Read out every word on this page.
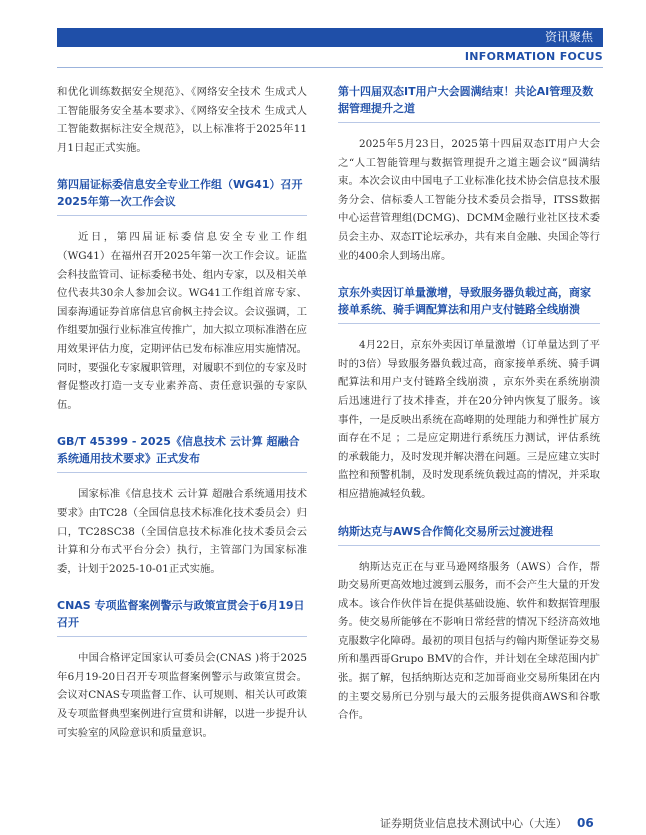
资讯聚焦
INFORMATION FOCUS

和优化训练数据安全规范》、《网络安全技术 生成式人工智能服务安全基本要求》、《网络安全技术 生成式人工智能数据标注安全规范》，以上标准将于2025年11月1日起正式实施。

第四届证标委信息安全专业工作组（WG41）召开2025年第一次工作会议

近日，第四届证标委信息安全专业工作组（WG41）在福州召开2025年第一次工作会议。证监会科技监管司、证标委秘书处、组内专家，以及相关单位代表共30余人参加会议。WG41工作组首席专家、国泰海通证券首席信息官俞枫主持会议。会议强调，工作组要加强行业标准宣传推广，加大拟立项标准潜在应用效果评估力度，定期评估已发布标准应用实施情况。同时，要强化专家履职管理，对履职不到位的专家及时督促整改打造一支专业素养高、责任意识强的专家队伍。

GB/T 45399 - 2025《信息技术 云计算 超融合系统通用技术要求》正式发布

国家标准《信息技术 云计算 超融合系统通用技术要求》由TC28（全国信息技术标准化技术委员会）归口，TC28SC38（全国信息技术标准化技术委员会云计算和分布式平台分会）执行，主管部门为国家标准委，计划于2025-10-01正式实施。

CNAS 专项监督案例警示与政策宣贯会于6月19日召开

中国合格评定国家认可委员会(CNAS )将于2025年6月19-20日召开专项监督案例警示与政策宣贯会。会议对CNAS专项监督工作、认可规则、相关认可政策及专项监督典型案例进行宣贯和讲解，以进一步提升认可实验室的风险意识和质量意识。

第十四届双态IT用户大会圆满结束！共论AI管理及数据管理提升之道

2025年5月23日，2025第十四届双态IT用户大会之“人工智能管理与数据管理提升之道主题会议”圆满结束。本次会议由中国电子工业标准化技术协会信息技术服务分会、信标委人工智能分技术委员会指导，ITSS数据中心运营管理组(DCMG)、DCMM金融行业社区技术委员会主办、双态IT论坛承办，共有来自金融、央国企等行业的400余人到场出席。

京东外卖因订单量激增，导致服务器负载过高，商家接单系统、骑手调配算法和用户支付链路全线崩溃

4月22日，京东外卖因订单量激增（订单量达到了平时的3倍）导致服务器负载过高，商家接单系统、骑手调配算法和用户支付链路全线崩溃 ，京东外卖在系统崩溃后迅速进行了技术排查，并在20分钟内恢复了服务。该事件，一是反映出系统在高峰期的处理能力和弹性扩展方面存在不足 ；二是应定期进行系统压力测试，评估系统的承载能力，及时发现并解决潜在问题。三是应建立实时监控和预警机制，及时发现系统负载过高的情况，并采取相应措施减轻负载。

纳斯达克与AWS合作简化交易所云过渡进程

纳斯达克正在与亚马逊网络服务（AWS）合作，帮助交易所更高效地过渡到云服务，而不会产生大量的开发成本。该合作伙伴旨在提供基础设施、软件和数据管理服务。使交易所能够在不影响日常经营的情况下经济高效地克服数字化障碍。最初的项目包括与约翰内斯堡证券交易所和墨西哥Grupo BMV的合作，并计划在全球范围内扩张。据了解，包括纳斯达克和芝加哥商业交易所集团在内的主要交易所已分别与最大的云服务提供商AWS和谷歌合作。

证券期货业信息技术测试中心（大连） 06
